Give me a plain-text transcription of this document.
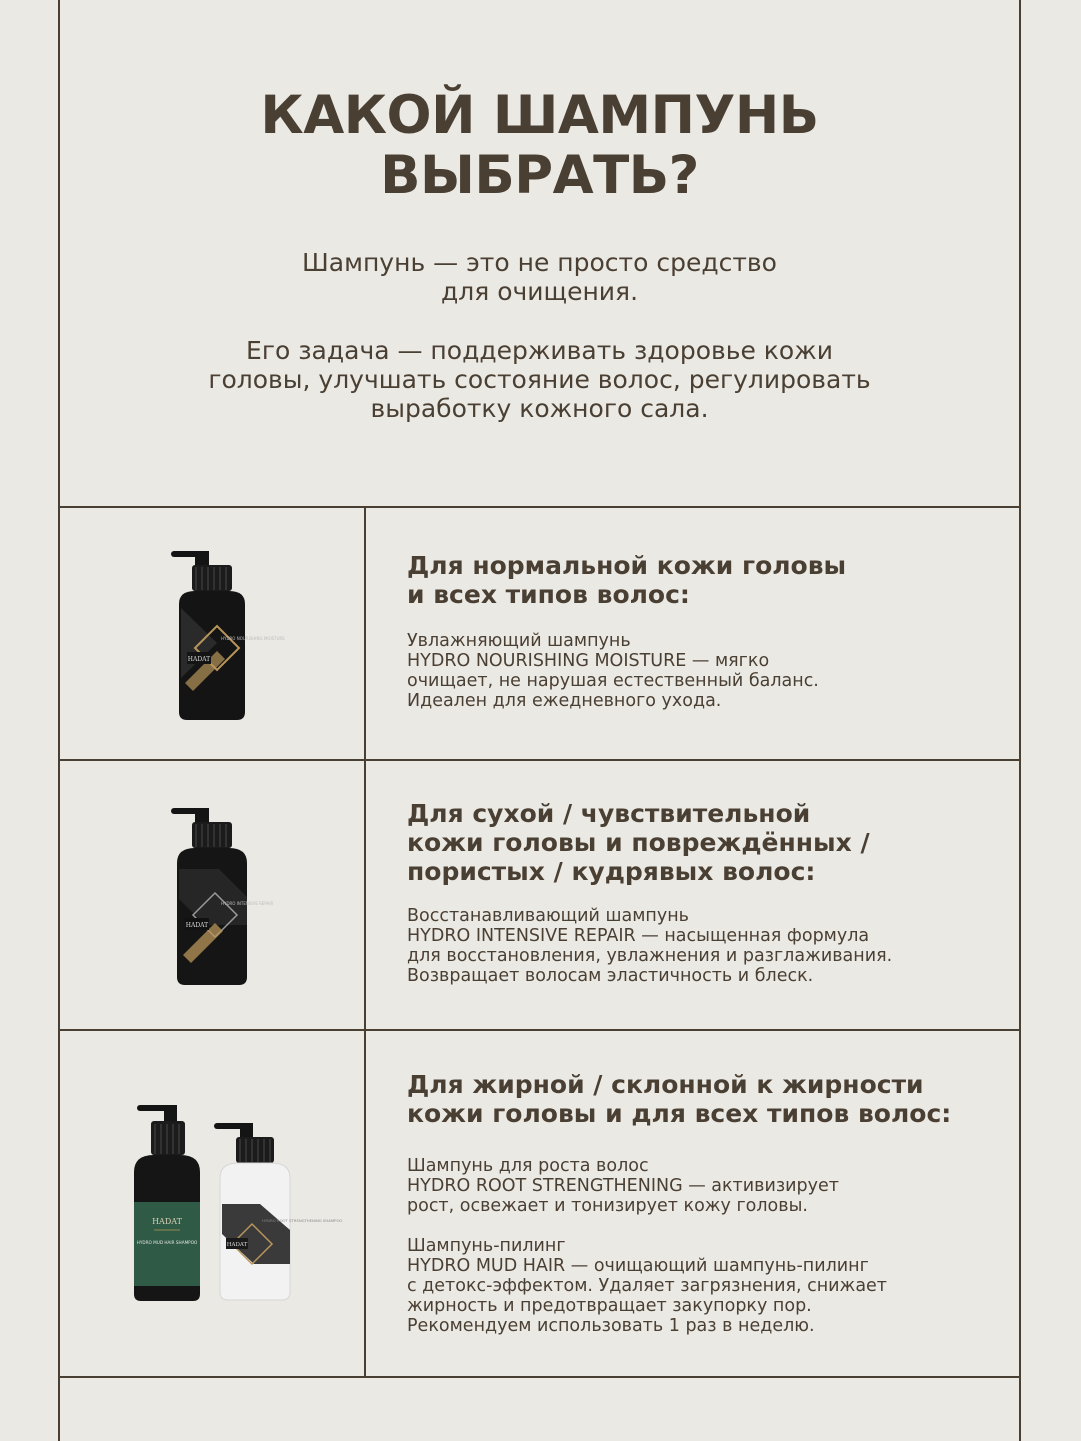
КАКОЙ ШАМПУНЬ
ВЫБРАТЬ?

Шампунь — это не просто средство
для очищения.

Его задача — поддерживать здоровье кожи
головы, улучшать состояние волос, регулировать
выработку кожного сала.

HADAT
HYDRO NOURISHING MOISTURE
Для нормальной кожи головы
и всех типов волос:

Увлажняющий шампунь
HYDRO NOURISHING MOISTURE — мягко
очищает, не нарушая естественный баланс.
Идеален для ежедневного ухода.

HADAT
HYDRO INTENSIVE REPAIR
Для сухой / чувствительной
кожи головы и повреждённых /
пористых / кудрявых волос:

Восстанавливающий шампунь
HYDRO INTENSIVE REPAIR — насыщенная формула
для восстановления, увлажнения и разглаживания.
Возвращает волосам эластичность и блеск.

HADAT
HYDRO MUD HAIR SHAMPOO	HADAT
HYDRO ROOT STRENGTHENING SHAMPOO
Для жирной / склонной к жирности
кожи головы и для всех типов волос:

Шампунь для роста волос
HYDRO ROOT STRENGTHENING — активизирует
рост, освежает и тонизирует кожу головы.

Шампунь-пилинг
HYDRO MUD HAIR — очищающий шампунь-пилинг
с детокс-эффектом. Удаляет загрязнения, снижает
жирность и предотвращает закупорку пор.
Рекомендуем использовать 1 раз в неделю.
